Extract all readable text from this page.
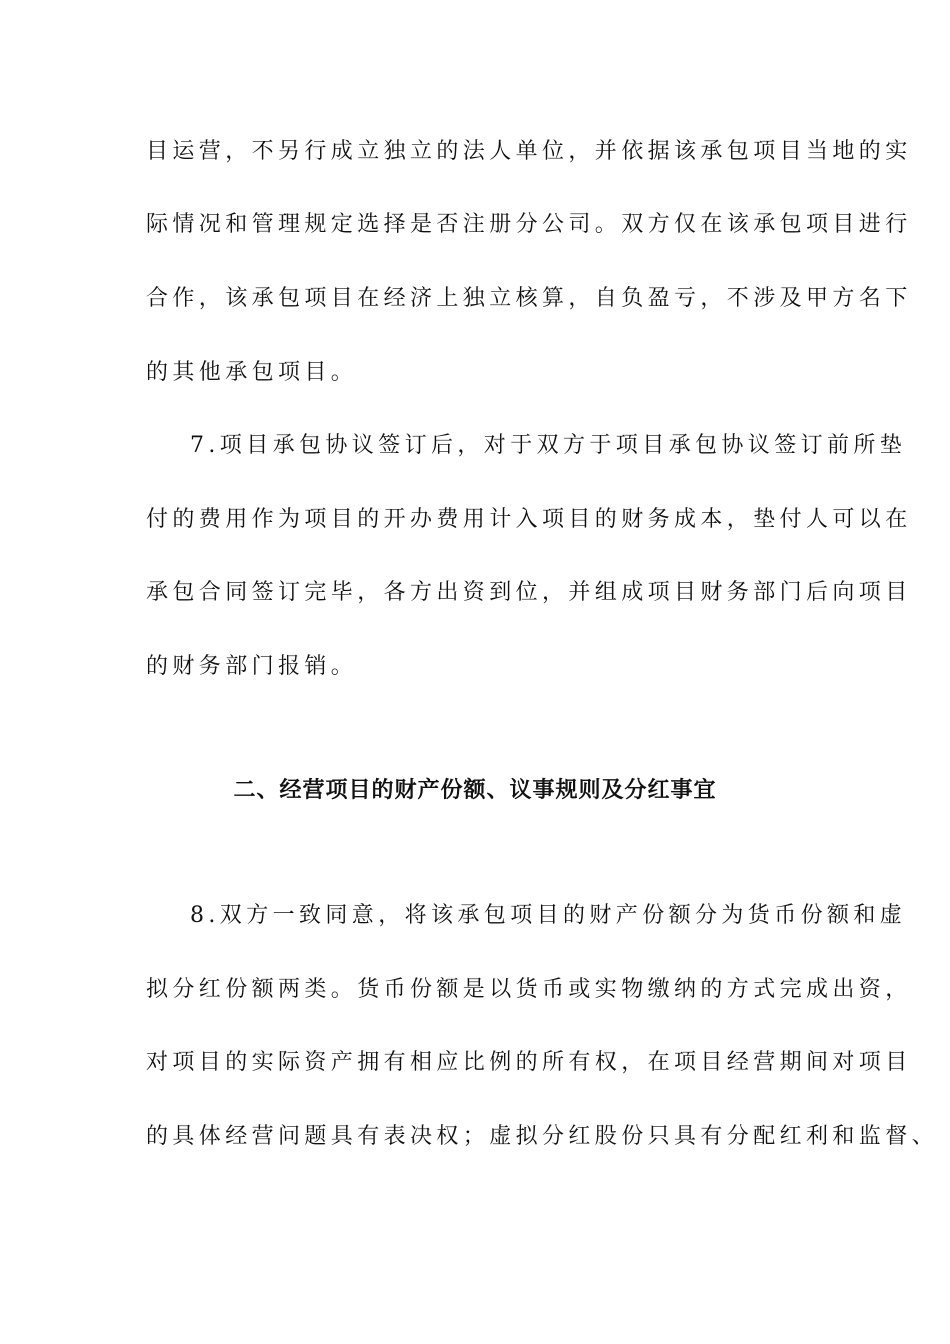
目运营，不另行成立独立的法人单位，并依据该承包项目当地的实
际情况和管理规定选择是否注册分公司。双方仅在该承包项目进行
合作，该承包项目在经济上独立核算，自负盈亏，不涉及甲方名下
的其他承包项目。
7.项目承包协议签订后，对于双方于项目承包协议签订前所垫
付的费用作为项目的开办费用计入项目的财务成本，垫付人可以在
承包合同签订完毕，各方出资到位，并组成项目财务部门后向项目
的财务部门报销。
二、经营项目的财产份额、议事规则及分红事宜
8.双方一致同意，将该承包项目的财产份额分为货币份额和虚
拟分红份额两类。货币份额是以货币或实物缴纳的方式完成出资，
对项目的实际资产拥有相应比例的所有权，在项目经营期间对项目
的具体经营问题具有表决权；虚拟分红股份只具有分配红利和监督、
